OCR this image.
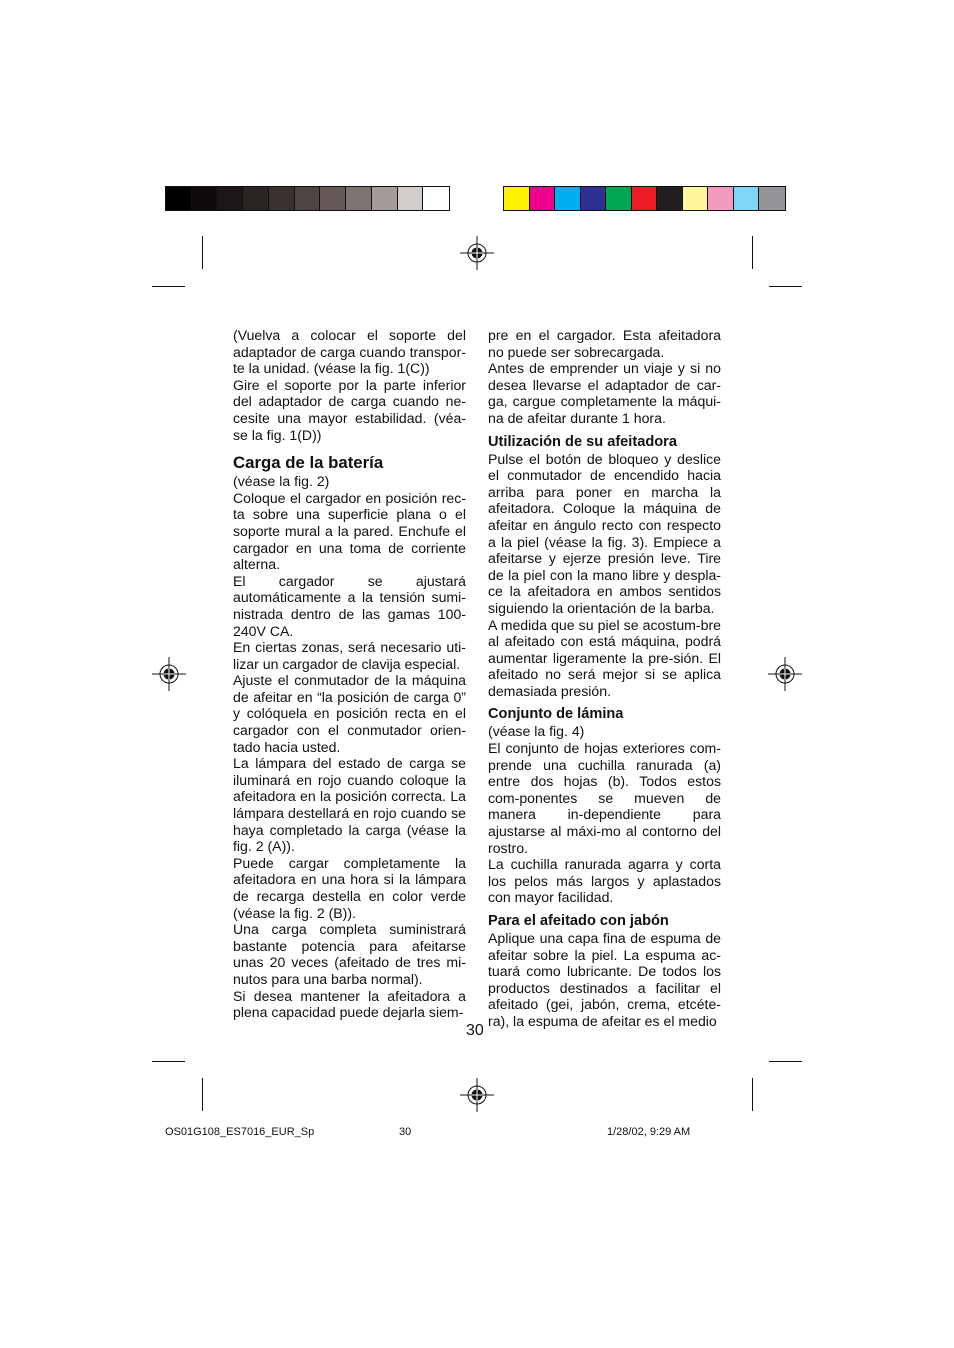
(Vuelva a colocar el soporte del adaptador de carga cuando transpor-te la unidad. (véase la fig. 1(C))

Gire el soporte por la parte inferior del adaptador de carga cuando ne-cesite una mayor estabilidad. (véa-se la fig. 1(D))

Carga de la batería

(véase la fig. 2)

Coloque el cargador en posición rec-ta sobre una superficie plana o el soporte mural a la pared. Enchufe el cargador en una toma de corriente alterna.

El cargador se ajustará automáticamente a la tensión sumi-nistrada dentro de las gamas 100-240V CA.

En ciertas zonas, será necesario uti-lizar un cargador de clavija especial.

Ajuste el conmutador de la máquina de afeitar en “la posición de carga 0” y colóquela en posición recta en el cargador con el conmutador orien-tado hacia usted.

La lámpara del estado de carga se iluminará en rojo cuando coloque la afeitadora en la posición correcta. La lámpara destellará en rojo cuando se haya completado la carga (véase la fig. 2 (A)).

Puede cargar completamente la afeitadora en una hora si la lámpara de recarga destella en color verde (véase la fig. 2 (B)).

Una carga completa suministrará bastante potencia para afeitarse unas 20 veces (afeitado de tres mi-nutos para una barba normal).

Si desea mantener la afeitadora a plena capacidad puede dejarla siem-

pre en el cargador. Esta afeitadora no puede ser sobrecargada.

Antes de emprender un viaje y si no desea llevarse el adaptador de car-ga, cargue completamente la máqui-na de afeitar durante 1 hora.

Utilización de su afeitadora

Pulse el botón de bloqueo y deslice el conmutador de encendido hacia arriba para poner en marcha la afeitadora. Coloque la máquina de afeitar en ángulo recto con respecto a la piel (véase la fig. 3). Empiece a afeitarse y ejerze presión leve. Tire de la piel con la mano libre y despla-ce la afeitadora en ambos sentidos siguiendo la orientación de la barba.

A medida que su piel se acostum-bre al afeitado con está máquina, podrá aumentar ligeramente la pre-sión. El afeitado no será mejor si se aplica demasiada presión.

Conjunto de lámina

(véase la fig. 4)

El conjunto de hojas exteriores com-prende una cuchilla ranurada (a) entre dos hojas (b). Todos estos com-ponentes se mueven de manera in-dependiente para ajustarse al máxi-mo al contorno del rostro.

La cuchilla ranurada agarra y corta los pelos más largos y aplastados con mayor facilidad.

Para el afeitado con jabón

Aplique una capa fina de espuma de afeitar sobre la piel. La espuma ac-tuará como lubricante. De todos los productos destinados a facilitar el afeitado (gei, jabón, crema, etcéte-ra), la espuma de afeitar es el medio

30
OS01G108_ES7016_EUR_Sp	30	1/28/02, 9:29 AM
